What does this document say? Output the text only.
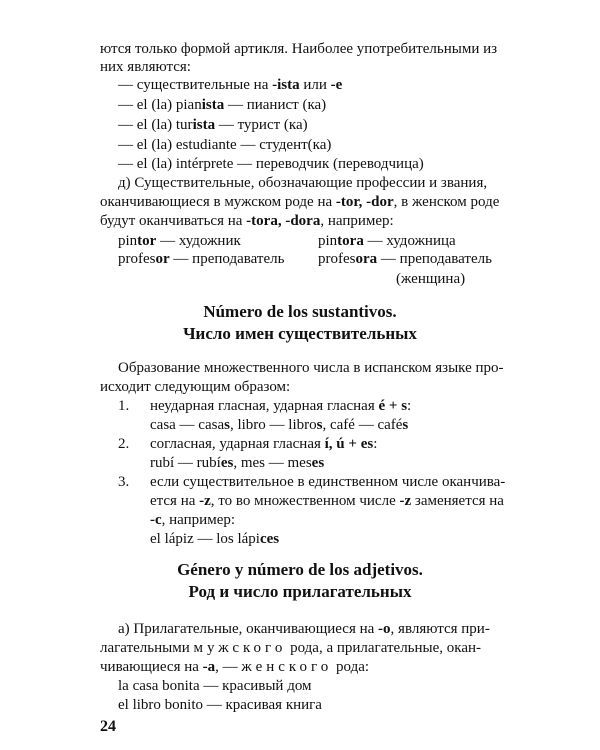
ются только формой артикля. Наиболее употребительными из
них являются:
— существительные на -ista или -e
— el (la) pianista — пианист (ка)
— el (la) turista — турист (ка)
— el (la) estudiante — студент(ка)
— el (la) intérprete — переводчик (переводчица)
д) Существительные, обозначающие профессии и звания,
оканчивающиеся в мужском роде на -tor, -dor, в женском роде
будут оканчиваться на -tora, -dora, например:
pintor — художник	pintora — художница
profesor — преподаватель profesora — преподаватель
(женщина)
Número de los sustantivos.
Число имен существительных
Образование множественного числа в испанском языке про-
исходит следующим образом:
1. неударная гласная, ударная гласная é + s:
casa — casas, libro — libros, café — cafés
2. согласная, ударная гласная í, ú + es:
rubí — rubíes, mes — meses
3. если существительное в единственном числе оканчива-
ется на -z, то во множественном числе -z заменяется на
-c, например:
el lápiz — los lápices
Género y número de los adjetivos.
Род и число прилагательных
а) Прилагательные, оканчивающиеся на -o, являются при-
лагательными мужского рода, а прилагательные, окан-
чивающиеся на -a, — женского рода:
la casa bonita — красивый дом
el libro bonito — красивая книга
24
